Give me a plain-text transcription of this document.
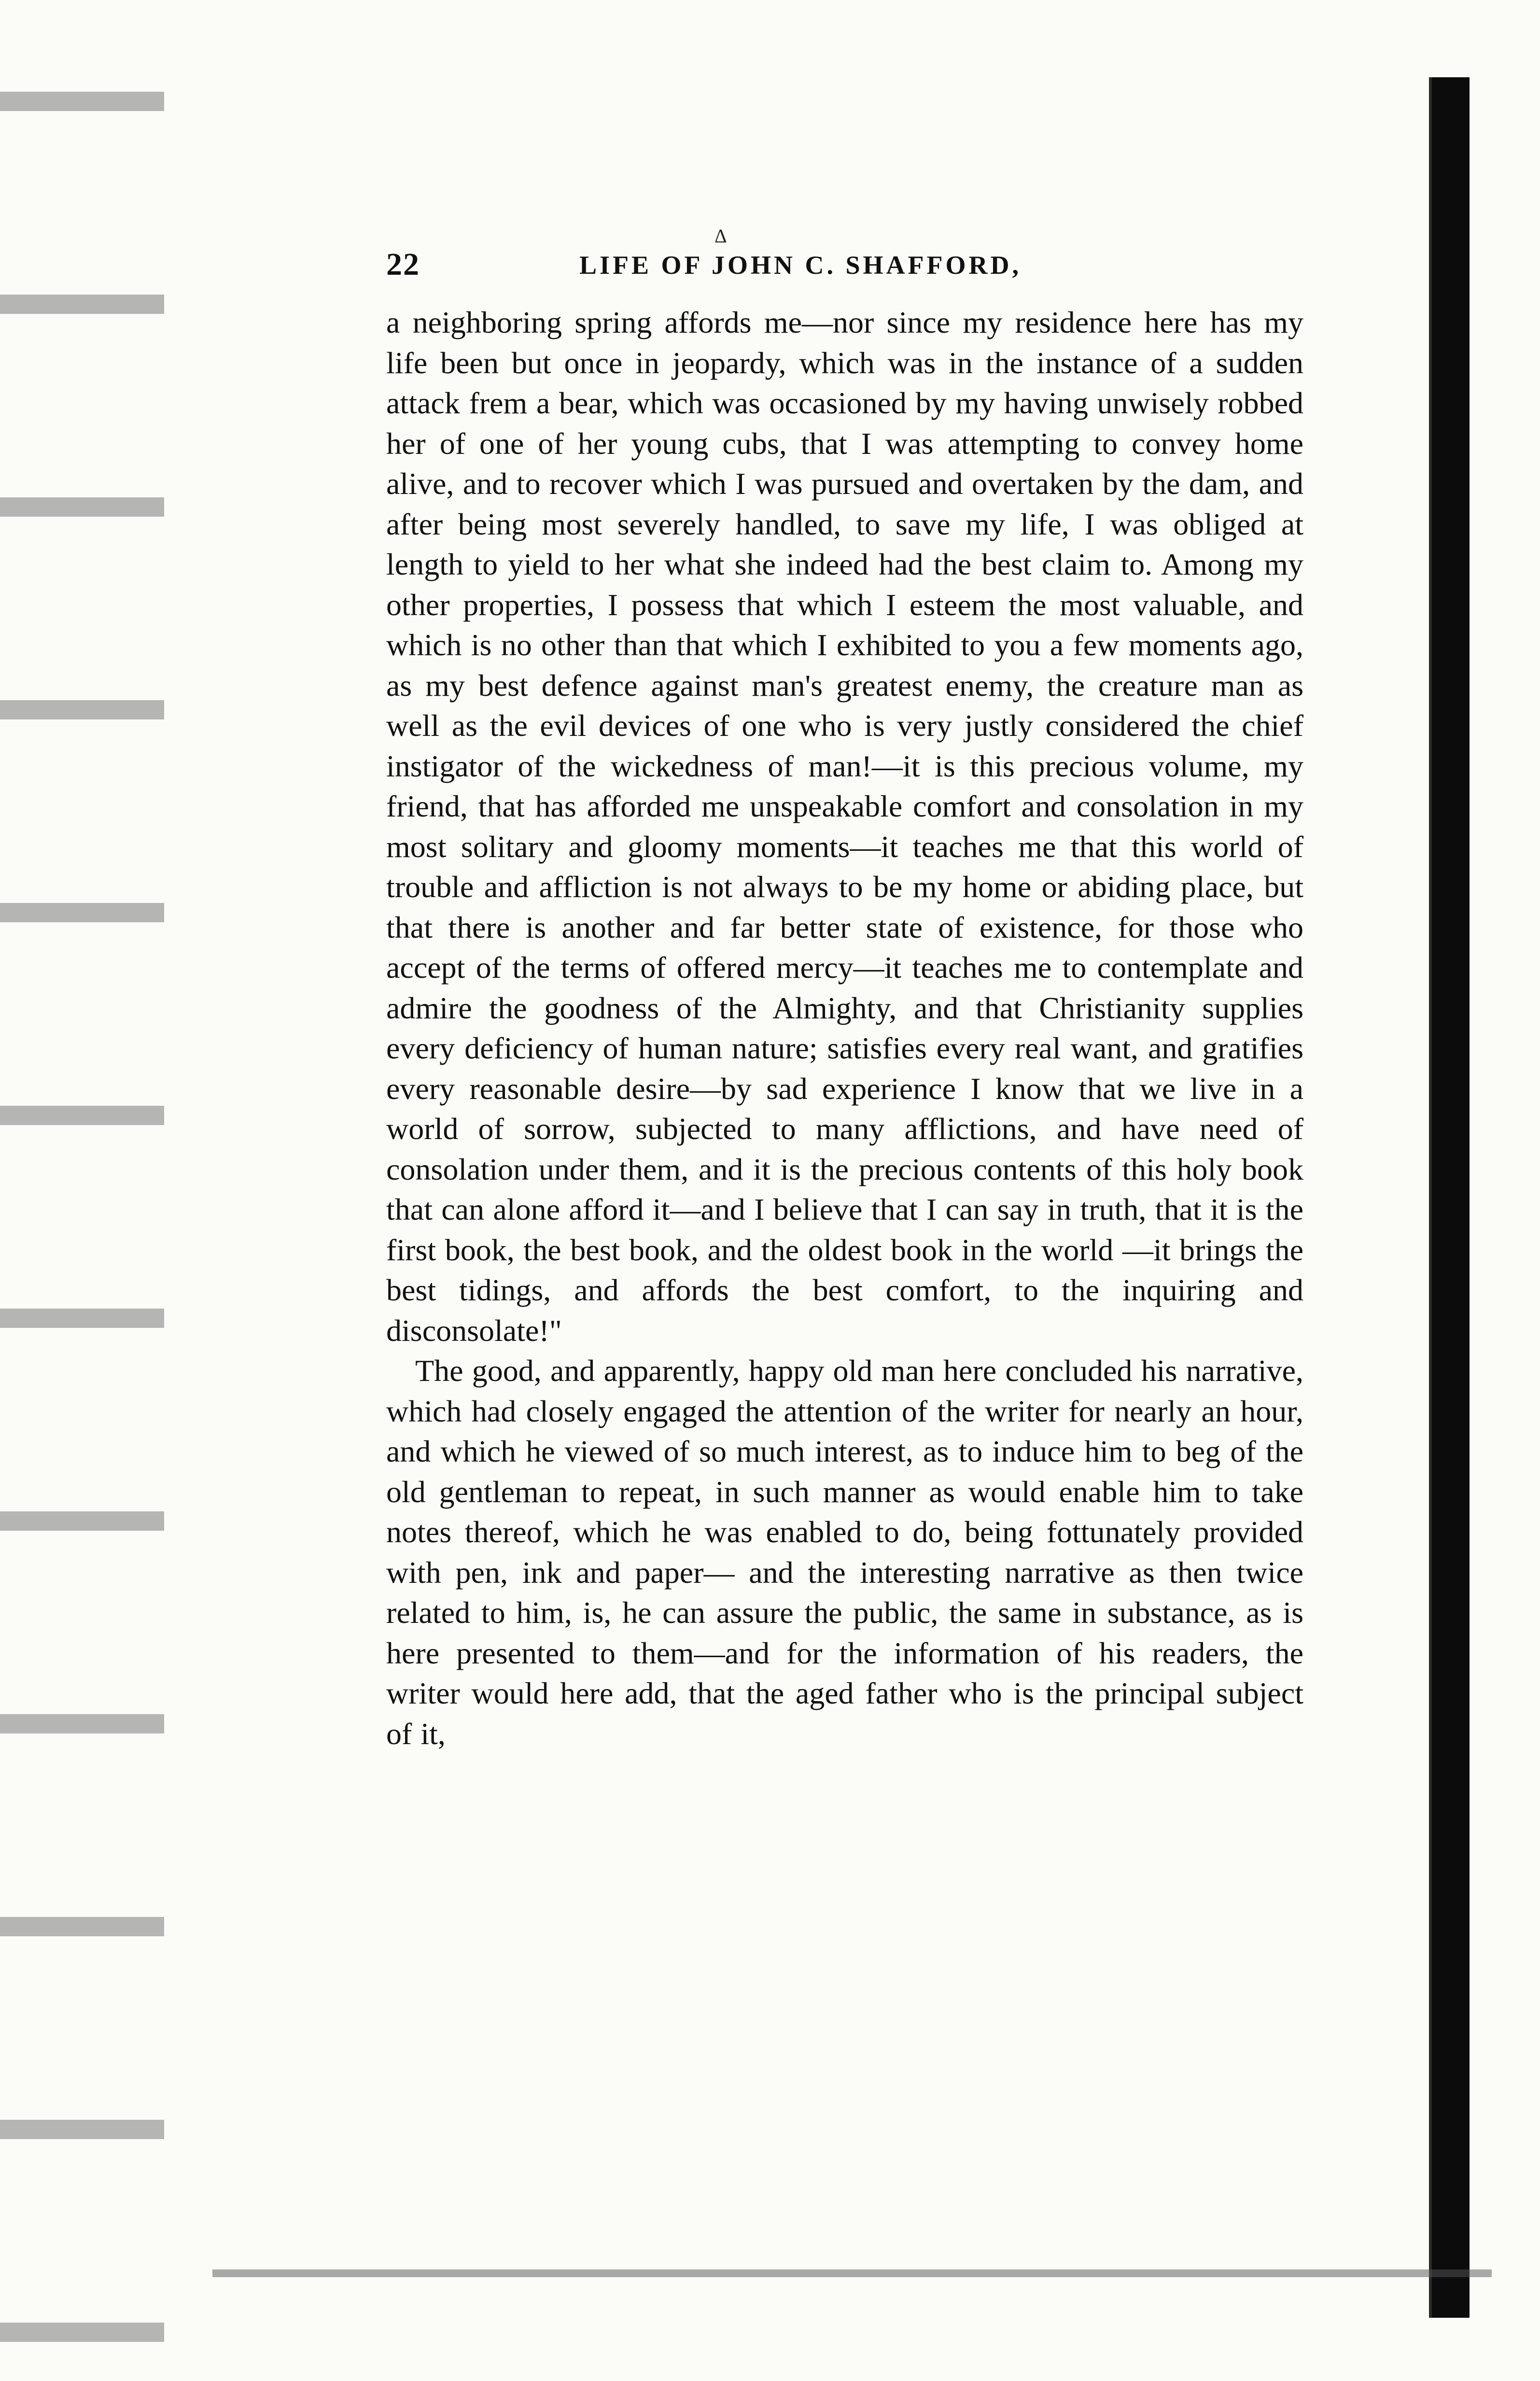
Δ
22	LIFE OF JOHN C. SHAFFORD,

a neighboring spring affords me—nor since my residence here has my life been but once in jeopardy, which was in the instance of a sudden attack frem a bear, which was occasioned by my having unwisely robbed her of one of her young cubs, that I was attempting to convey home alive, and to recover which I was pursued and overtaken by the dam, and after being most severely handled, to save my life, I was obliged at length to yield to her what she indeed had the best claim to. Among my other properties, I possess that which I esteem the most valuable, and which is no other than that which I exhibited to you a few moments ago, as my best defence against man's greatest enemy, the creature man as well as the evil devices of one who is very justly considered the chief instigator of the wickedness of man!—it is this precious volume, my friend, that has afforded me unspeakable comfort and consolation in my most solitary and gloomy moments—it teaches me that this world of trouble and affliction is not always to be my home or abiding place, but that there is another and far better state of existence, for those who accept of the terms of offered mercy—it teaches me to contemplate and admire the goodness of the Almighty, and that Christianity supplies every deficiency of human nature; satisfies every real want, and gratifies every reasonable desire—by sad experience I know that we live in a world of sorrow, subjected to many afflictions, and have need of consolation under them, and it is the precious contents of this holy book that can alone afford it—and I believe that I can say in truth, that it is the first book, the best book, and the oldest book in the world —it brings the best tidings, and affords the best comfort, to the inquiring and disconsolate!"

The good, and apparently, happy old man here concluded his narrative, which had closely engaged the attention of the writer for nearly an hour, and which he viewed of so much interest, as to induce him to beg of the old gentleman to repeat, in such manner as would enable him to take notes thereof, which he was enabled to do, being fottunately provided with pen, ink and paper— and the interesting narrative as then twice related to him, is, he can assure the public, the same in substance, as is here presented to them—and for the information of his readers, the writer would here add, that the aged father who is the principal subject of it,
